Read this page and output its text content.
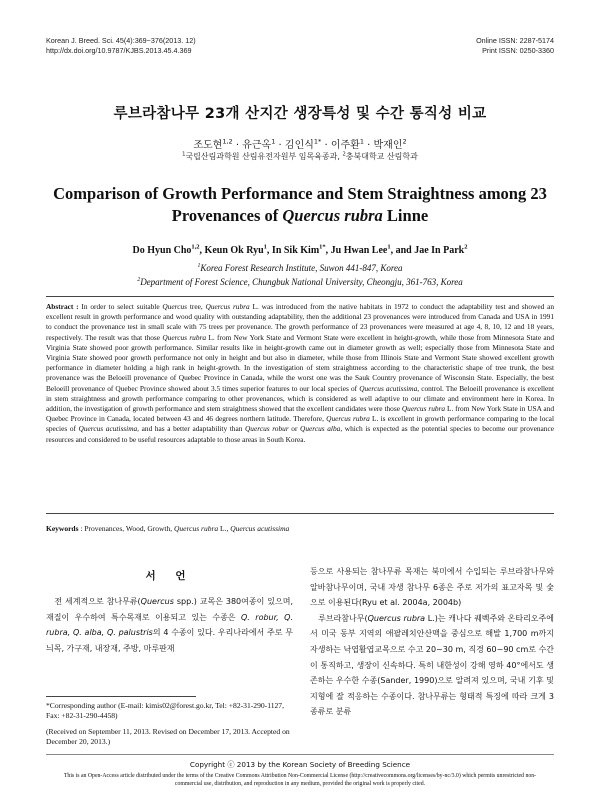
Korean J. Breed. Sci. 45(4):369~376(2013. 12)
http://dx.doi.org/10.9787/KJBS.2013.45.4.369
Online ISSN: 2287-5174
Print ISSN: 0250-3360
루브라참나무 23개 산지간 생장특성 및 수간 통직성 비교
조도현$^{1,2}$ · 유근옥$^1$ · 김인식$^{1*}$ · 이주환$^1$ · 박재인$^2$
$^1$국립산림과학원 산림유전자원부 임목육종과, $^2$충북대학교 산림학과
Comparison of Growth Performance and Stem Straightness among 23
Provenances of Quercus rubra Linne
Do Hyun Cho$^{1,2}$, Keun Ok Ryu$^1$, In Sik Kim$^{1*}$, Ju Hwan Lee$^1$, and Jae In Park$^2$
$^1$Korea Forest Research Institute, Suwon 441-847, Korea
$^2$Department of Forest Science, Chungbuk National University, Cheongju, 361-763, Korea
Abstract : In order to select suitable Quercus tree, Quercus rubra L. was introduced from the native habitats in 1972 to conduct the adaptability test and showed an excellent result in growth performance and wood quality with outstanding adaptability, then the additional 23 provenances were introduced from Canada and USA in 1991 to conduct the provenance test in small scale with 75 trees per provenance. The growth performance of 23 provenances were measured at age 4, 8, 10, 12 and 18 years, respectively. The result was that those Quercus rubra L. from New York State and Vermont State were excellent in height-growth, while those from Minnesota State and Virginia State showed poor growth performance. Similar results like in height-growth came out in diameter growth as well; especially those from Minnesota State and Virginia State showed poor growth performance not only in height and but also in diameter, while those from Illinois State and Vermont State showed excellent growth performance in diameter holding a high rank in height-growth. In the investigation of stem straightness according to the characteristic shape of tree trunk, the best provenance was the Beloeill provenance of Quebec Province in Canada, while the worst one was the Sauk Country provenance of Wisconsin State. Especially, the best Beloeill provenance of Quebec Province showed about 3.5 times superior features to our local species of Quercus acutissima, control. The Beloeill provenance is excellent in stem straightness and growth performance comparing to other provenances, which is considered as well adaptive to our climate and environment here in Korea. In addition, the investigation of growth performance and stem straightness showed that the excellent candidates were those Quercus rubra L. from New York State in USA and Quebec Province in Canada, located between 43 and 46 degrees northern latitude. Therefore, Quercus rubra L. is excellent in growth performance comparing to the local species of Quercus acutissima, and has a better adaptability than Quercus robur or Quercus alba, which is expected as the potential species to become our provenance resources and considered to be useful resources adaptable to those areas in South Korea.
Keywords : Provenances, Wood, Growth, Quercus rubra L., Quercus acutissima
서 언
　전 세계적으로 참나무류(Quercus spp.) 교목은 380여종이 있으며, 재질이 우수하여 특수목재로 이용되고 있는 수종은 Q. robur, Q. rubra, Q. alba, Q. palustris의 4 수종이 있다. 우리나라에서 주로 무늬목, 가구재, 내장재, 주방, 마루판재
*Corresponding author (E-mail: kimis02@forest.go.kr, Tel: +82-31-290-1127, Fax: +82-31-290-4458)
(Received on September 11, 2013. Revised on December 17, 2013. Accepted on December 20, 2013.)
등으로 사용되는 참나무류 목재는 북미에서 수입되는 루브라참나무와 알바참나무이며, 국내 자생 참나무 6종은 주로 저가의 표고자목 및 숯으로 이용된다(Ryu et al. 2004a, 2004b)
　루브라참나무(Quercus rubra L.)는 캐나다 퀘벡주와 온타리오주에서 미국 동부 지역의 애팔레치안산맥을 중심으로 해발 1,700 m까지 자생하는 낙엽활엽교목으로 수고 20~30 m, 직경 60~90 cm로 수간이 통직하고, 생장이 신속하다. 특히 내한성이 강해 영하 40°에서도 생존하는 우수한 수종(Sander, 1990)으로 알려져 있으며, 국내 기후 및 지형에 잘 적응하는 수종이다. 참나무류는 형태적 특징에 따라 크게 3종류로 분류
Copyright ⓒ 2013 by the Korean Society of Breeding Science
This is an Open-Access article distributed under the terms of the Creative Commons Attribution Non-Commercial License (http://creativecommons.org/licenses/by-nc/3.0) which permits unrestricted non-commercial use, distribution, and reproduction in any medium, provided the original work is properly cited.
